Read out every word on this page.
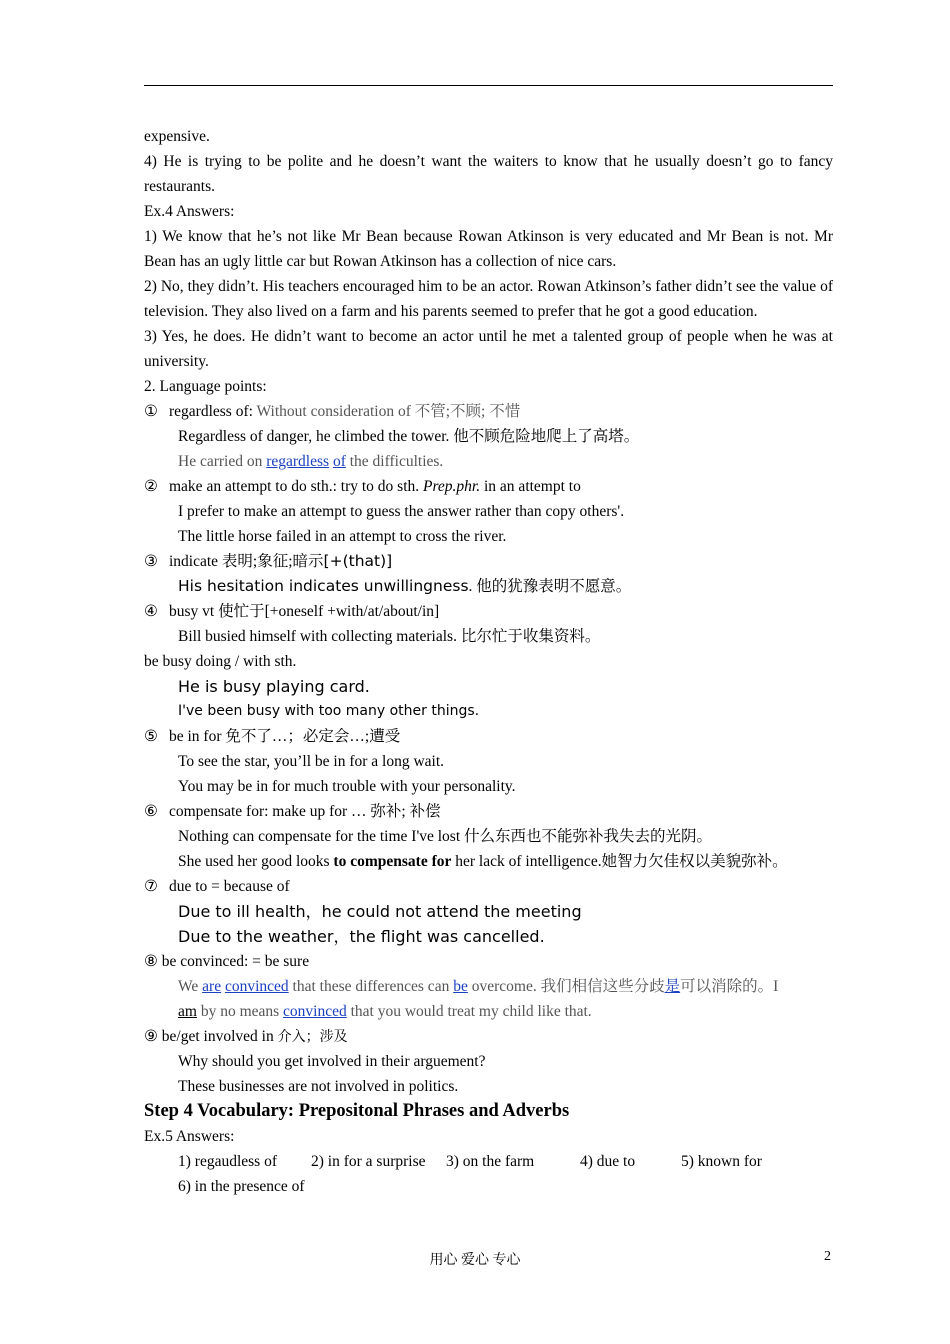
expensive.
4) He is trying to be polite and he doesn’t want the waiters to know that he usually doesn’t go to fancy restaurants.
Ex.4 Answers:
1) We know that he’s not like Mr Bean because Rowan Atkinson is very educated and Mr Bean is not. Mr Bean has an ugly little car but Rowan Atkinson has a collection of nice cars.
2) No, they didn’t. His teachers encouraged him to be an actor. Rowan Atkinson’s father didn’t see the value of television. They also lived on a farm and his parents seemed to prefer that he got a good education.
3) Yes, he does. He didn’t want to become an actor until he met a talented group of people when he was at university.
2. Language points:
① regardless of: Without consideration of 不管;不顾; 不惜
Regardless of danger, he climbed the tower. 他不顾危险地爬上了高塔。
He carried on regardless of the difficulties.
② make an attempt to do sth.: try to do sth. Prep.phr. in an attempt to
I prefer to make an attempt to guess the answer rather than copy others'.
The little horse failed in an attempt to cross the river.
③ indicate 表明;象征;暗示[+(that)]
His hesitation indicates unwillingness. 他的犹豫表明不愿意。
④ busy vt 使忙于[+oneself +with/at/about/in]
Bill busied himself with collecting materials. 比尔忙于收集资料。
be busy doing / with sth.
He is busy playing card.
I've been busy with too many other things.
⑤ be in for 免不了…；必定会…;遭受
To see the star, you’ll be in for a long wait.
You may be in for much trouble with your personality.
⑥ compensate for: make up for … 弥补; 补偿
Nothing can compensate for the time I've lost 什么东西也不能弥补我失去的光阴。
She used her good looks to compensate for her lack of intelligence.她智力欠佳权以美貌弥补。
⑦ due to = because of
Due to ill health，he could not attend the meeting
Due to the weather，the flight was cancelled.
⑧ be convinced: = be sure
We are convinced that these differences can be overcome. 我们相信这些分歧是可以消除的。I
am by no means convinced that you would treat my child like that.
⑨ be/get involved in 介入；涉及
Why should you get involved in their arguement?
These businesses are not involved in politics.
Step 4 Vocabulary: Prepositonal Phrases and Adverbs
Ex.5 Answers:
1) regaudless of 2) in for a surprise 3) on the farm	4) due to	5) known for
6) in the presence of
用心 爱心 专心	2
